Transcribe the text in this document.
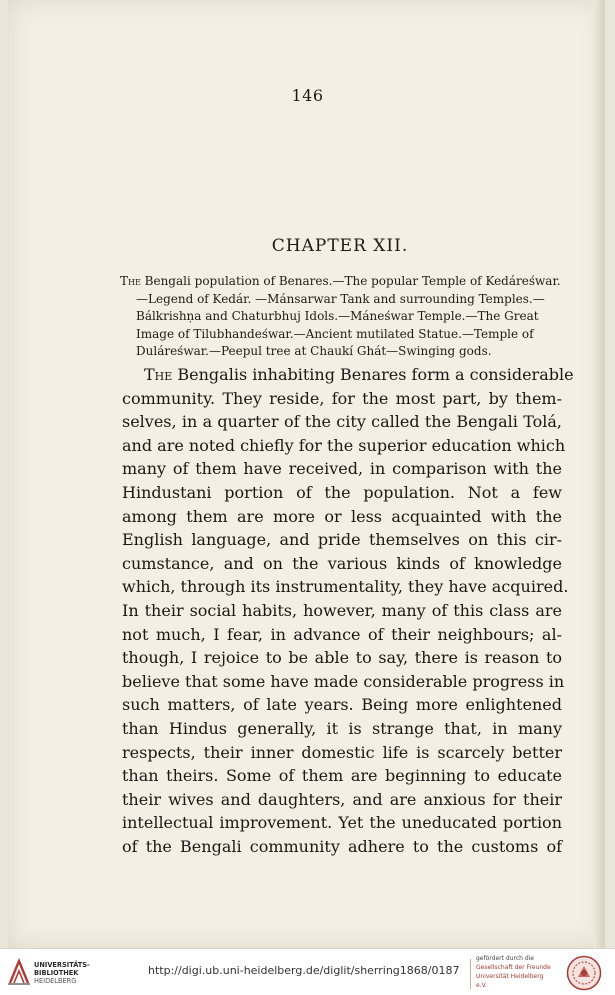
146
CHAPTER XII.
The Bengali population of Benares.—The popular Temple of Kedáreśwar.
—Legend of Kedár. —Mánsarwar Tank and surrounding Temples.—
Bálkrishṇa and Chaturbhuj Idols.—Máneśwar Temple.—The Great
Image of Tilubhandeśwar.—Ancient mutilated Statue.—Temple of
Duláreśwar.—Peepul tree at Chaukí Ghát—Swinging gods.
The Bengalis inhabiting Benares form a considerable
community. They reside, for the most part, by them-
selves, in a quarter of the city called the Bengali Tolá,
and are noted chiefly for the superior education which
many of them have received, in comparison with the
Hindustani portion of the population. Not a few
among them are more or less acquainted with the
English language, and pride themselves on this cir-
cumstance, and on the various kinds of knowledge
which, through its instrumentality, they have acquired.
In their social habits, however, many of this class are
not much, I fear, in advance of their neighbours; al-
though, I rejoice to be able to say, there is reason to
believe that some have made considerable progress in
such matters, of late years. Being more enlightened
than Hindus generally, it is strange that, in many
respects, their inner domestic life is scarcely better
than theirs. Some of them are beginning to educate
their wives and daughters, and are anxious for their
intellectual improvement. Yet the uneducated portion
of the Bengali community adhere to the customs of
UNIVERSITÄTS-
BIBLIOTHEK
HEIDELBERG
http://digi.ub.uni-heidelberg.de/diglit/sherring1868/0187
gefördert durch die
Gesellschaft der Freunde
Universität Heidelberg e.V.
